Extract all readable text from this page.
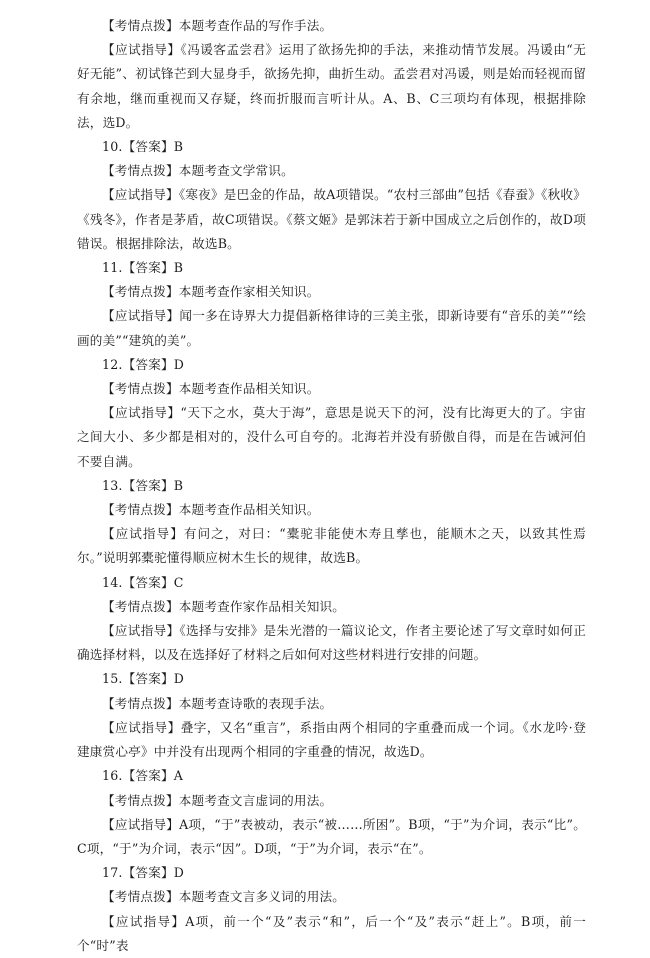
【考情点拨】本题考查作品的写作手法。

【应试指导】《冯谖客孟尝君》运用了欲扬先抑的手法，来推动情节发展。冯谖由“无好无能”、初试锋芒到大显身手，欲扬先抑，曲折生动。孟尝君对冯谖，则是始而轻视而留有余地，继而重视而又存疑，终而折服而言听计从。A、B、C三项均有体现，根据排除法，选D。

10.【答案】B

【考情点拨】本题考查文学常识。

【应试指导】《寒夜》是巴金的作品，故A项错误。“农村三部曲”包括《春蚕》《秋收》《残冬》，作者是茅盾，故C项错误。《蔡文姬》是郭沫若于新中国成立之后创作的，故D项错误。根据排除法，故选B。

11.【答案】B

【考情点拨】本题考查作家相关知识。

【应试指导】闻一多在诗界大力提倡新格律诗的三美主张，即新诗要有“音乐的美”“绘画的美”“建筑的美”。

12.【答案】D

【考情点拨】本题考查作品相关知识。

【应试指导】“天下之水，莫大于海”，意思是说天下的河，没有比海更大的了。宇宙之间大小、多少都是相对的，没什么可自夸的。北海若并没有骄傲自得，而是在告诫河伯不要自满。

13.【答案】B

【考情点拨】本题考查作品相关知识。

【应试指导】有问之，对曰：“橐驼非能使木寿且孳也，能顺木之天，以致其性焉尔。”说明郭橐驼懂得顺应树木生长的规律，故选B。

14.【答案】C

【考情点拨】本题考查作家作品相关知识。

【应试指导】《选择与安排》是朱光潜的一篇议论文，作者主要论述了写文章时如何正确选择材料，以及在选择好了材料之后如何对这些材料进行安排的问题。

15.【答案】D

【考情点拨】本题考查诗歌的表现手法。

【应试指导】叠字，又名“重言”，系指由两个相同的字重叠而成一个词。《水龙吟·登建康赏心亭》中并没有出现两个相同的字重叠的情况，故选D。

16.【答案】A

【考情点拨】本题考查文言虚词的用法。

【应试指导】A项，“于”表被动，表示“被……所困”。B项，“于”为介词，表示“比”。C项，“于”为介词，表示“因”。D项，“于”为介词，表示“在”。

17.【答案】D

【考情点拨】本题考查文言多义词的用法。

【应试指导】A项，前一个“及”表示“和”，后一个“及”表示“赶上”。B项，前一个“时”表
